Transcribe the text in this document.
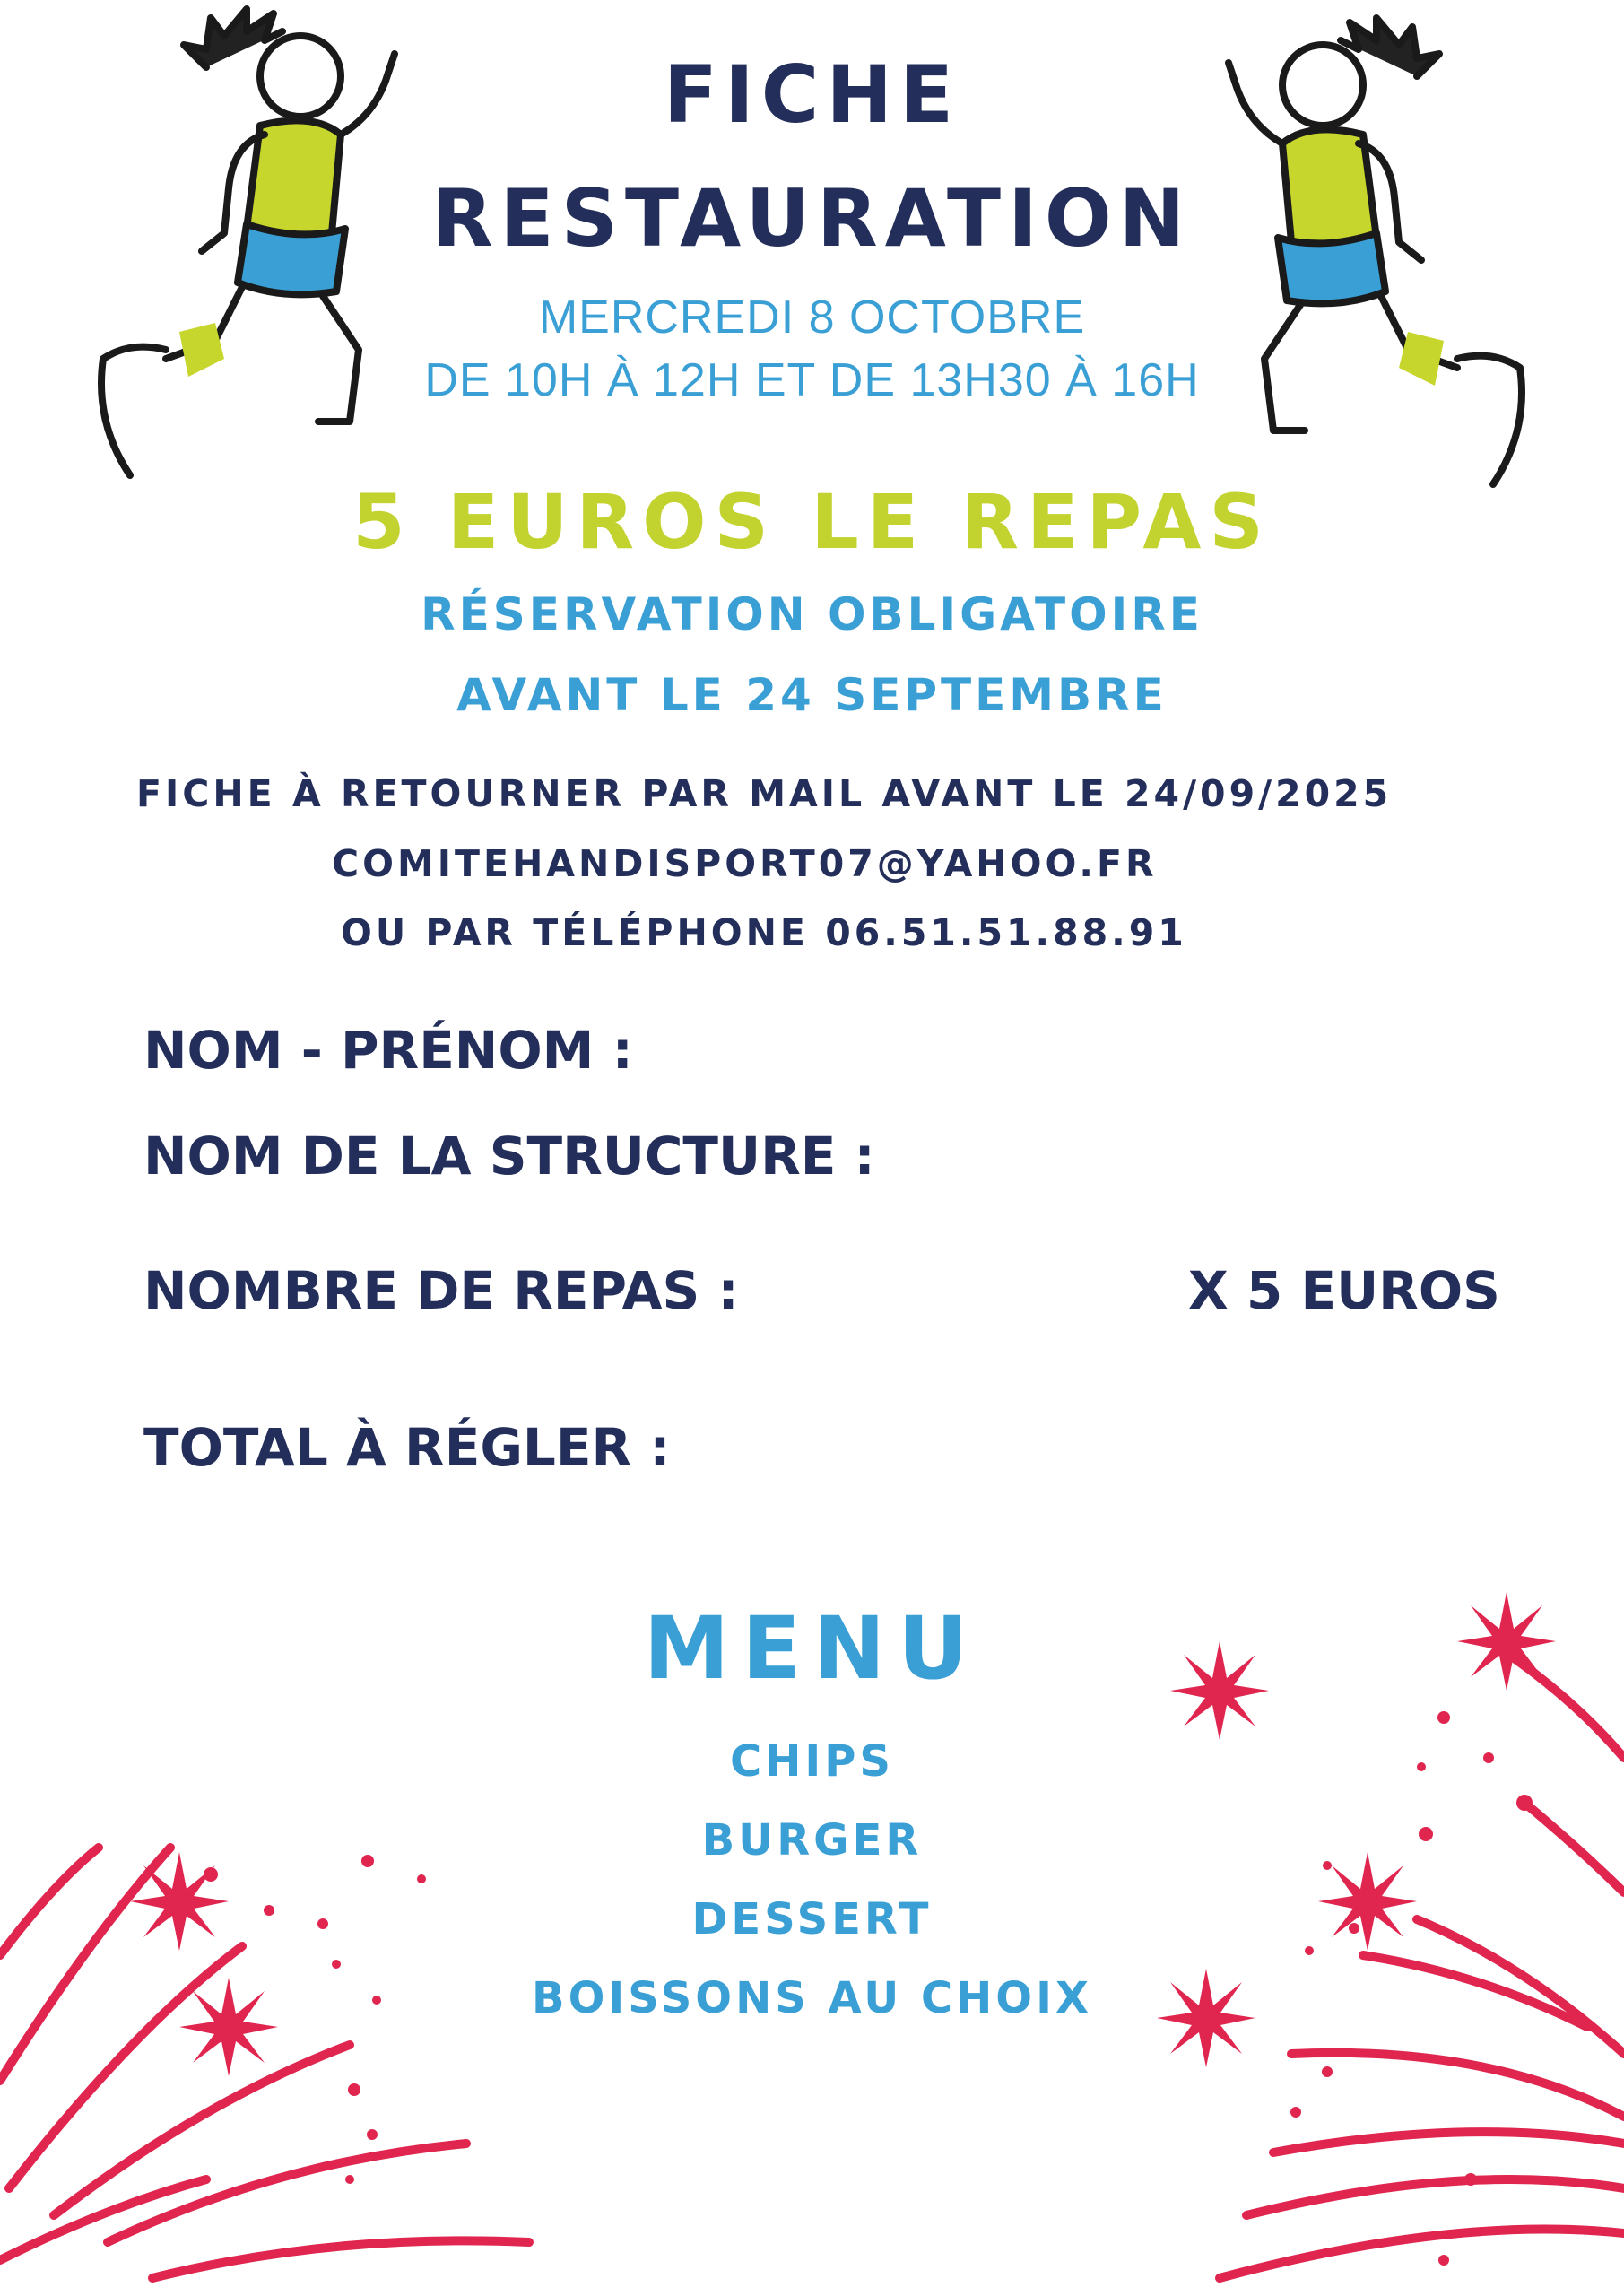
FICHE
RESTAURATION
MERCREDI 8 OCTOBRE
DE 10H À 12H ET DE 13H30 À 16H
5 EUROS LE REPAS
RÉSERVATION OBLIGATOIRE
AVANT LE 24 SEPTEMBRE
FICHE À RETOURNER PAR MAIL AVANT LE 24/09/2025
COMITEHANDISPORT07@YAHOO.FR
OU PAR TÉLÉPHONE 06.51.51.88.91
NOM - PRÉNOM :
NOM DE LA STRUCTURE :
NOMBRE DE REPAS :	X 5 EUROS
TOTAL À RÉGLER :
MENU
CHIPS
BURGER
DESSERT
BOISSONS AU CHOIX
